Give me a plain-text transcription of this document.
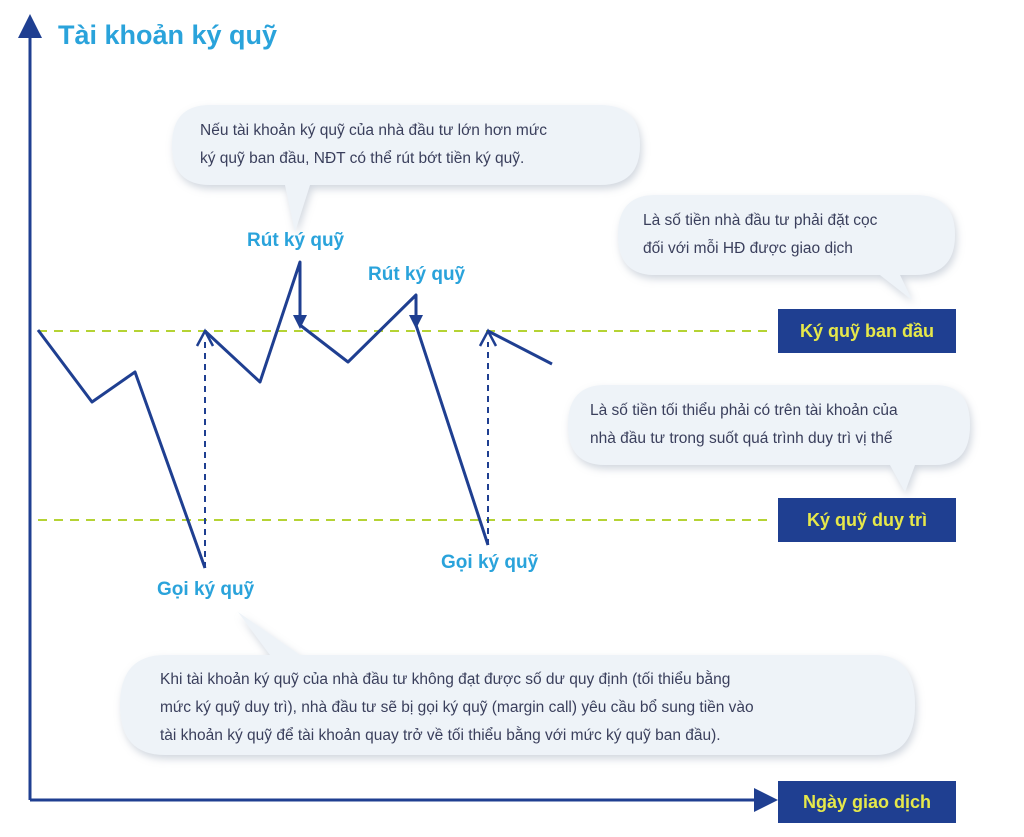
Tài khoản ký quỹ
Ký quỹ ban đầu
Ký quỹ duy trì
Ngày giao dịch
Rút ký quỹ
Rút ký quỹ
Gọi ký quỹ
Gọi ký quỹ
Nếu tài khoản ký quỹ của nhà đầu tư lớn hơn mức
ký quỹ ban đầu, NĐT có thể rút bớt tiền ký quỹ.
Là số tiền nhà đầu tư phải đặt cọc
đối với mỗi HĐ được giao dịch
Là số tiền tối thiểu phải có trên tài khoản của
nhà đầu tư trong suốt quá trình duy trì vị thế
Khi tài khoản ký quỹ của nhà đầu tư không đạt được số dư quy định (tối thiểu bằng
mức ký quỹ duy trì), nhà đầu tư sẽ bị gọi ký quỹ (margin call) yêu cầu bổ sung tiền vào
tài khoản ký quỹ để tài khoản quay trở về tối thiểu bằng với mức ký quỹ ban đầu).
